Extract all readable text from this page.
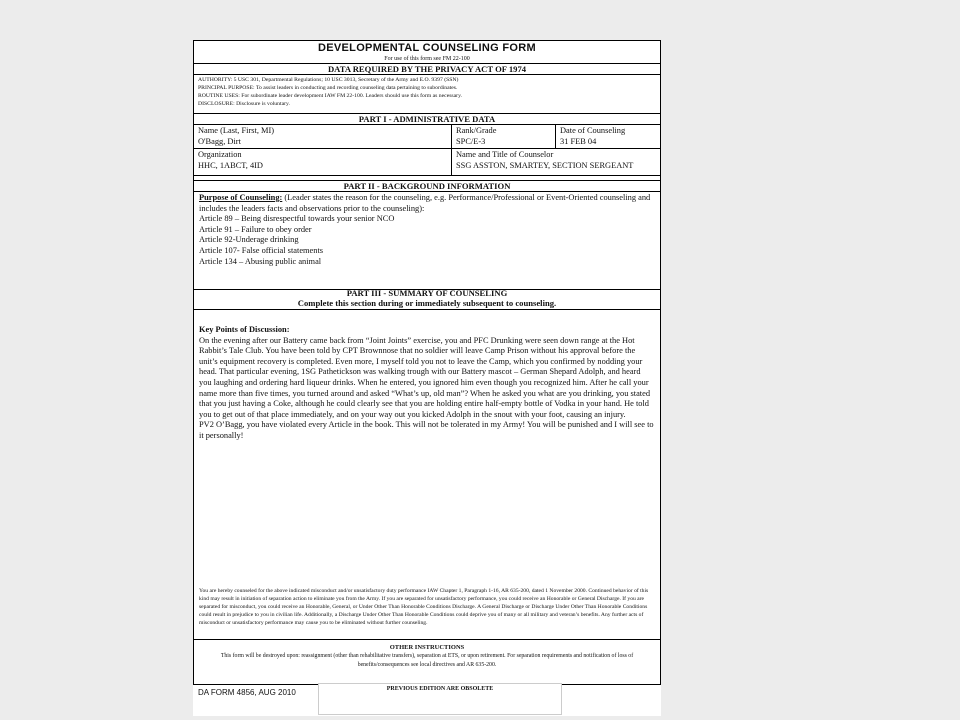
DEVELOPMENTAL COUNSELING FORM
For use of this form see FM 22-100
DATA REQUIRED BY THE PRIVACY ACT OF 1974
AUTHORITY: 5 USC 301, Departmental Regulations; 10 USC 3013, Secretary of the Army and E.O. 9397 (SSN)
PRINCIPAL PURPOSE: To assist leaders in conducting and recording counseling data pertaining to subordinates.
ROUTINE USES: For subordinate leader development IAW FM 22-100. Leaders should use this form as necessary.
DISCLOSURE: Disclosure is voluntary.
PART I - ADMINISTRATIVE DATA
Name (Last, First, MI)
O'Bagg, Dirt
Rank/Grade
SPC/E-3
Date of Counseling
31 FEB 04
Organization
HHC, 1ABCT, 4ID
Name and Title of Counselor
SSG ASSTON, SMARTEY, SECTION SERGEANT
PART II - BACKGROUND INFORMATION

Purpose of Counseling: (Leader states the reason for the counseling, e.g. Performance/Professional or Event-Oriented counseling and includes the leaders facts and observations prior to the counseling):

Article 89 – Being disrespectful towards your senior NCO
Article 91 – Failure to obey order
Article 92-Underage drinking
Article 107- False official statements
Article 134 – Abusing public animal
PART III - SUMMARY OF COUNSELING
Complete this section during or immediately subsequent to counseling.
Key Points of Discussion:

On the evening after our Battery came back from “Joint Joints” exercise, you and PFC Drunking were seen down range at the Hot Rabbit’s Tale Club. You have been told by CPT Brownnose that no soldier will leave Camp Prison without his approval before the unit’s equipment recovery is completed. Even more, I myself told you not to leave the Camp, which you confirmed by nodding your head. That particular evening, 1SG Pathetickson was walking trough with our Battery mascot – German Shepard Adolph, and heard you laughing and ordering hard liqueur drinks. When he entered, you ignored him even though you recognized him. After he call your name more than five times, you turned around and asked “What’s up, old man”? When he asked you what are you drinking, you stated that you just having a Coke, although he could clearly see that you are holding entire half-empty bottle of Vodka in your hand. He told you to get out of that place immediately, and on your way out you kicked Adolph in the snout with your foot, causing an injury.

PV2 O’Bagg, you have violated every Article in the book. This will not be tolerated in my Army! You will be punished and I will see to it personally!

You are hereby counseled for the above indicated misconduct and/or unsatisfactory duty performance IAW Chapter 1, Paragraph 1-16, AR 635-200, dated 1 November 2000. Continued behavior of this kind may result in initiation of separation action to eliminate you from the Army. If you are separated for unsatisfactory performance, you could receive an Honorable or General Discharge. If you are separated for misconduct, you could receive an Honorable, General, or Under Other Than Honorable Conditions Discharge. A General Discharge or Discharge Under Other Than Honorable Conditions could result in prejudice to you in civilian life. Additionally, a Discharge Under Other Than Honorable Conditions could deprive you of many or all military and veteran’s benefits. Any further acts of misconduct or unsatisfactory performance may cause you to be eliminated without further counseling.

OTHER INSTRUCTIONS
This form will be destroyed upon: reassignment (other than rehabilitative transfers), separation at ETS, or upon retirement. For separation requirements and notification of loss of benefits/consequences see local directives and AR 635-200.
DA FORM 4856, AUG 2010	PREVIOUS EDITION ARE OBSOLETE
